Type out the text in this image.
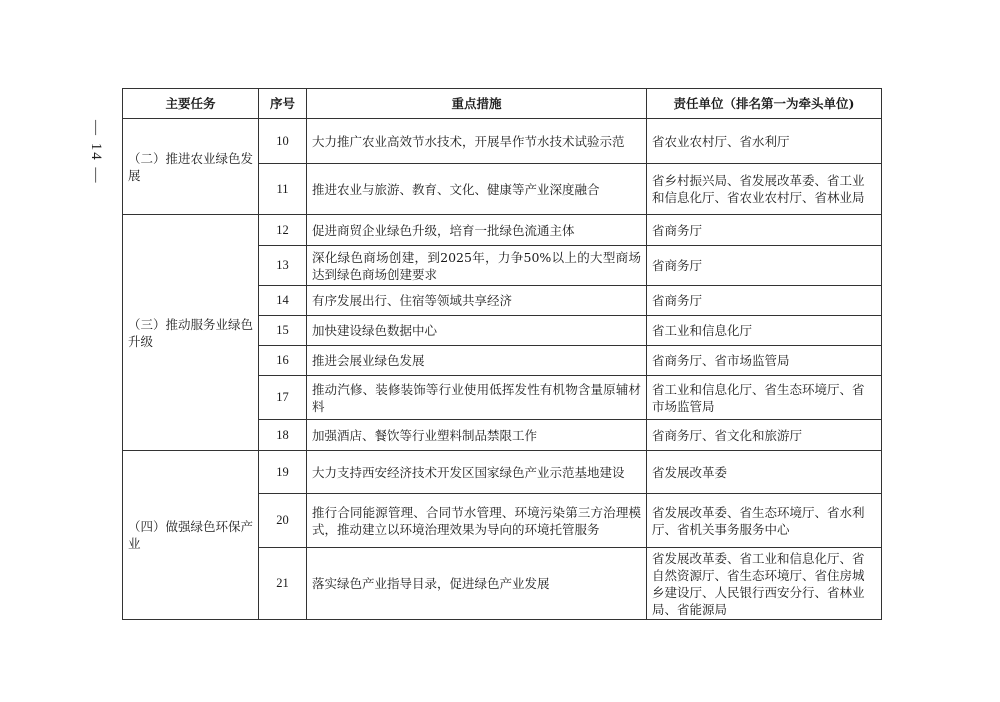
— 14 —
主要任务	序号	重点措施	责任单位（排名第一为牵头单位)
（二）推进农业绿色发展	10	大力推广农业高效节水技术，开展旱作节水技术试验示范	省农业农村厅、省水利厅
	11	推进农业与旅游、教育、文化、健康等产业深度融合	省乡村振兴局、省发展改革委、省工业和信息化厅、省农业农村厅、省林业局
（三）推动服务业绿色升级	12	促进商贸企业绿色升级，培育一批绿色流通主体	省商务厅
	13	深化绿色商场创建，到2025年，力争50%以上的大型商场达到绿色商场创建要求	省商务厅
	14	有序发展出行、住宿等领域共享经济	省商务厅
	15	加快建设绿色数据中心	省工业和信息化厅
	16	推进会展业绿色发展	省商务厅、省市场监管局
	17	推动汽修、装修装饰等行业使用低挥发性有机物含量原辅材料	省工业和信息化厅、省生态环境厅、省市场监管局
	18	加强酒店、餐饮等行业塑料制品禁限工作	省商务厅、省文化和旅游厅
（四）做强绿色环保产业	19	大力支持西安经济技术开发区国家绿色产业示范基地建设	省发展改革委
	20	推行合同能源管理、合同节水管理、环境污染第三方治理模式，推动建立以环境治理效果为导向的环境托管服务	省发展改革委、省生态环境厅、省水利厅、省机关事务服务中心
	21	落实绿色产业指导目录，促进绿色产业发展	省发展改革委、省工业和信息化厅、省自然资源厅、省生态环境厅、省住房城乡建设厅、人民银行西安分行、省林业局、省能源局
